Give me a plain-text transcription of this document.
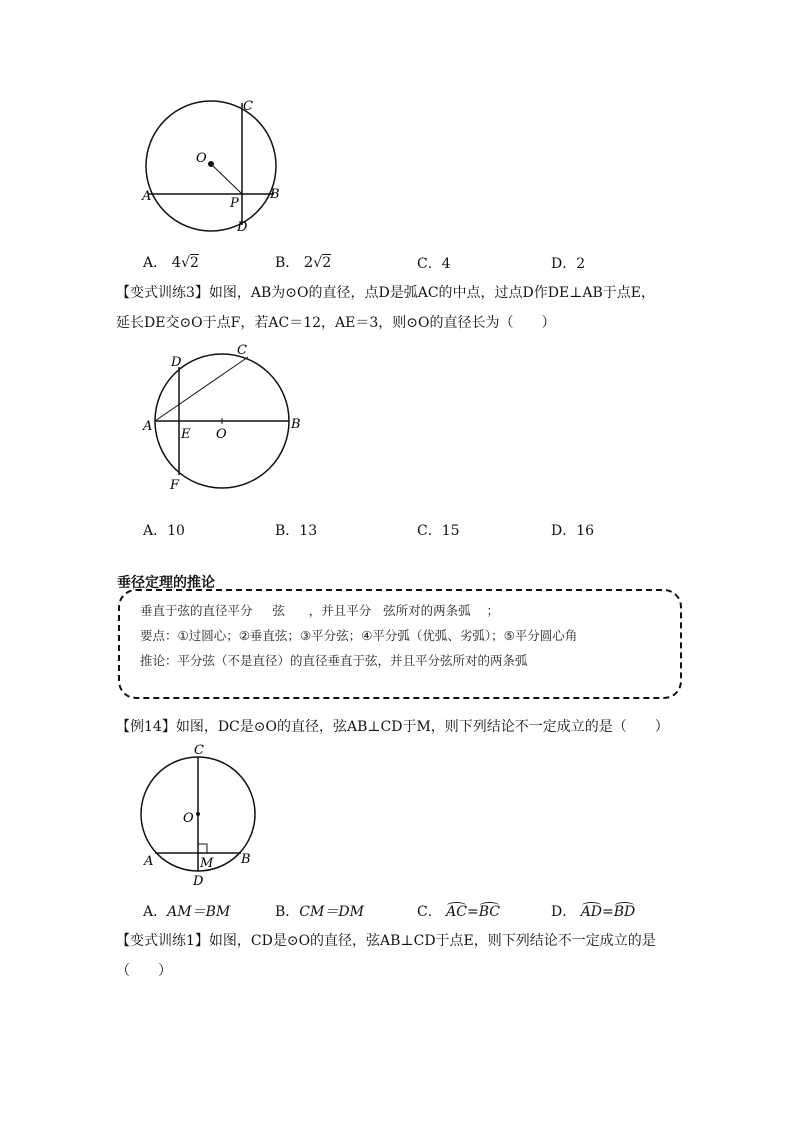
C
O
A	B
P
D
A． 4√2	B． 2√2	C．4	D．2
【变式训练3】如图，AB为⊙O的直径，点D是弧AC的中点，过点D作DE⊥AB于点E，
延长DE交⊙O于点F，若AC＝12，AE＝3，则⊙O的直径长为（　　）
D
C
A
E O
B
F
A．10	B．13	C．15	D．16
垂径定理的推论
垂直于弦的直径平分     弦      ，并且平分   弦所对的两条弧    ；
要点：①过圆心；②垂直弦；③平分弦；④平分弧（优弧、劣弧）；⑤平分圆心角
推论：平分弦（不是直径）的直径垂直于弦，并且平分弦所对的两条弧
【例14】如图，DC是⊙O的直径，弦AB⊥CD于M，则下列结论不一定成立的是（　　）
C
O
A	M B
D
A．AM＝BM	B．CM＝DM	C． AC=BC	D． AD=BD
【变式训练1】如图，CD是⊙O的直径，弦AB⊥CD于点E，则下列结论不一定成立的是
（　　）
